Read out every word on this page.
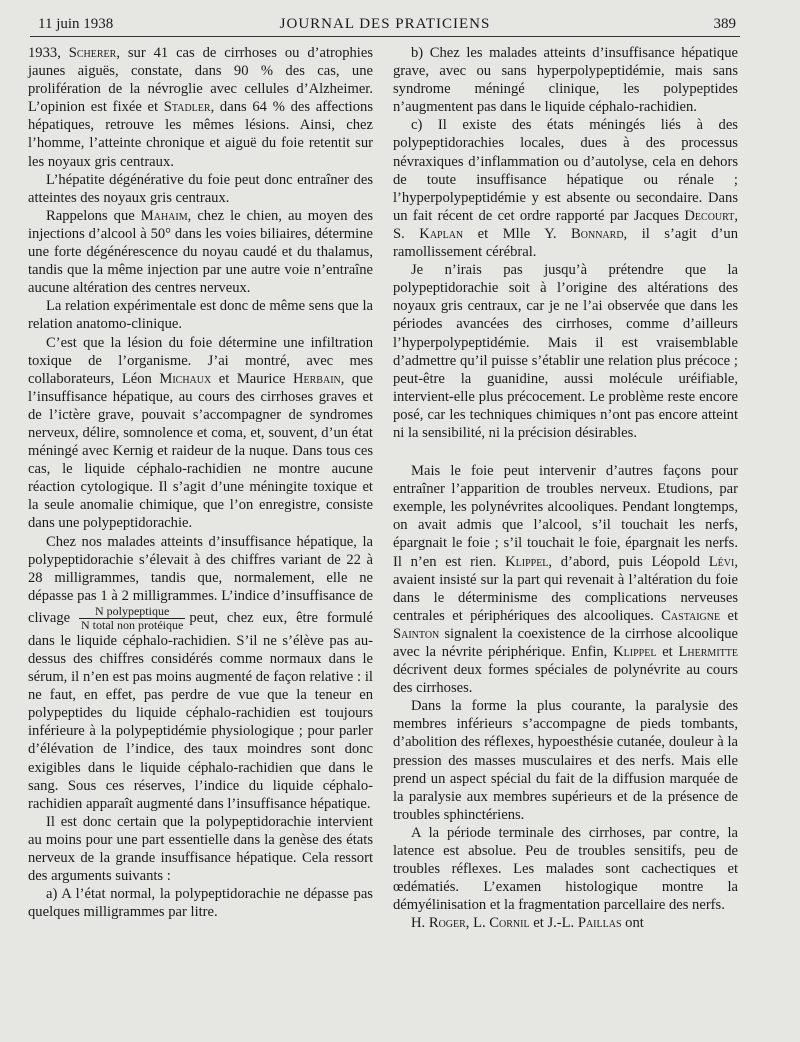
11 juin 1938	JOURNAL DES PRATICIENS	389

1933, Scherer, sur 41 cas de cirrhoses ou d’atrophies jaunes aiguës, constate, dans 90 % des cas, une prolifération de la névroglie avec cellules d’Alzheimer. L’opinion est fixée et Stadler, dans 64 % des affections hépatiques, retrouve les mêmes lésions. Ainsi, chez l’homme, l’atteinte chronique et aiguë du foie retentit sur les noyaux gris centraux.

L’hépatite dégénérative du foie peut donc entraîner des atteintes des noyaux gris centraux.

Rappelons que Mahaim, chez le chien, au moyen des injections d’alcool à 50° dans les voies biliaires, détermine une forte dégénérescence du noyau caudé et du thalamus, tandis que la même injection par une autre voie n’entraîne aucune altération des centres nerveux.

La relation expérimentale est donc de même sens que la relation anatomo-clinique.

C’est que la lésion du foie détermine une infiltration toxique de l’organisme. J’ai montré, avec mes collaborateurs, Léon Michaux et Maurice Herbain, que l’insuffisance hépatique, au cours des cirrhoses graves et de l’ictère grave, pouvait s’accompagner de syndromes nerveux, délire, somnolence et coma, et, souvent, d’un état méningé avec Kernig et raideur de la nuque. Dans tous ces cas, le liquide céphalo-rachidien ne montre aucune réaction cytologique. Il s’agit d’une méningite toxique et la seule anomalie chimique, que l’on enregistre, consiste dans une polypeptidorachie.

Chez nos malades atteints d’insuffisance hépatique, la polypeptidorachie s’élevait à des chiffres variant de 22 à 28 milligrammes, tandis que, normalement, elle ne dépasse pas 1 à 2 milligrammes. L’indice d’insuffisance de clivage $\frac{\text{N polypeptique}}{\text{N total non protéique}}$ peut, chez eux, être formulé dans le liquide céphalo-rachidien. S’il ne s’élève pas au-dessus des chiffres considérés comme normaux dans le sérum, il n’en est pas moins augmenté de façon relative : il ne faut, en effet, pas perdre de vue que la teneur en polypeptides du liquide céphalo-rachidien est toujours inférieure à la polypeptidémie physiologique ; pour parler d’élévation de l’indice, des taux moindres sont donc exigibles dans le liquide céphalo-rachidien que dans le sang. Sous ces réserves, l’indice du liquide céphalo-rachidien apparaît augmenté dans l’insuffisance hépatique.

Il est donc certain que la polypeptidorachie intervient au moins pour une part essentielle dans la genèse des états nerveux de la grande insuffisance hépatique. Cela ressort des arguments suivants :

a) A l’état normal, la polypeptidorachie ne dépasse pas quelques milligrammes par litre.

b) Chez les malades atteints d’insuffisance hépatique grave, avec ou sans hyperpolypeptidémie, mais sans syndrome méningé clinique, les polypeptides n’augmentent pas dans le liquide céphalo-rachidien.

c) Il existe des états méningés liés à des polypeptidorachies locales, dues à des processus névraxiques d’inflammation ou d’autolyse, cela en dehors de toute insuffisance hépatique ou rénale ; l’hyperpolypeptidémie y est absente ou secondaire. Dans un fait récent de cet ordre rapporté par Jacques Decourt, S. Kaplan et Mlle Y. Bonnard, il s’agit d’un ramollissement cérébral.

Je n’irais pas jusqu’à prétendre que la polypeptidorachie soit à l’origine des altérations des noyaux gris centraux, car je ne l’ai observée que dans les périodes avancées des cirrhoses, comme d’ailleurs l’hyperpolypeptidémie. Mais il est vraisemblable d’admettre qu’il puisse s’établir une relation plus précoce ; peut-être la guanidine, aussi molécule uréifiable, intervient-elle plus précocement. Le problème reste encore posé, car les techniques chimiques n’ont pas encore atteint ni la sensibilité, ni la précision désirables.

Mais le foie peut intervenir d’autres façons pour entraîner l’apparition de troubles nerveux. Etudions, par exemple, les polynévrites alcooliques. Pendant longtemps, on avait admis que l’alcool, s’il touchait les nerfs, épargnait le foie ; s’il touchait le foie, épargnait les nerfs. Il n’en est rien. Klippel, d’abord, puis Léopold Lévi, avaient insisté sur la part qui revenait à l’altération du foie dans le déterminisme des complications nerveuses centrales et périphériques des alcooliques. Castaigne et Sainton signalent la coexistence de la cirrhose alcoolique avec la névrite périphérique. Enfin, Klippel et Lhermitte décrivent deux formes spéciales de polynévrite au cours des cirrhoses.

Dans la forme la plus courante, la paralysie des membres inférieurs s’accompagne de pieds tombants, d’abolition des réflexes, hypoesthésie cutanée, douleur à la pression des masses musculaires et des nerfs. Mais elle prend un aspect spécial du fait de la diffusion marquée de la paralysie aux membres supérieurs et de la présence de troubles sphinctériens.

A la période terminale des cirrhoses, par contre, la latence est absolue. Peu de troubles sensitifs, peu de troubles réflexes. Les malades sont cachectiques et œdématiés. L’examen histologique montre la démyélinisation et la fragmentation parcellaire des nerfs.

H. Roger, L. Cornil et J.-L. Paillas ont
